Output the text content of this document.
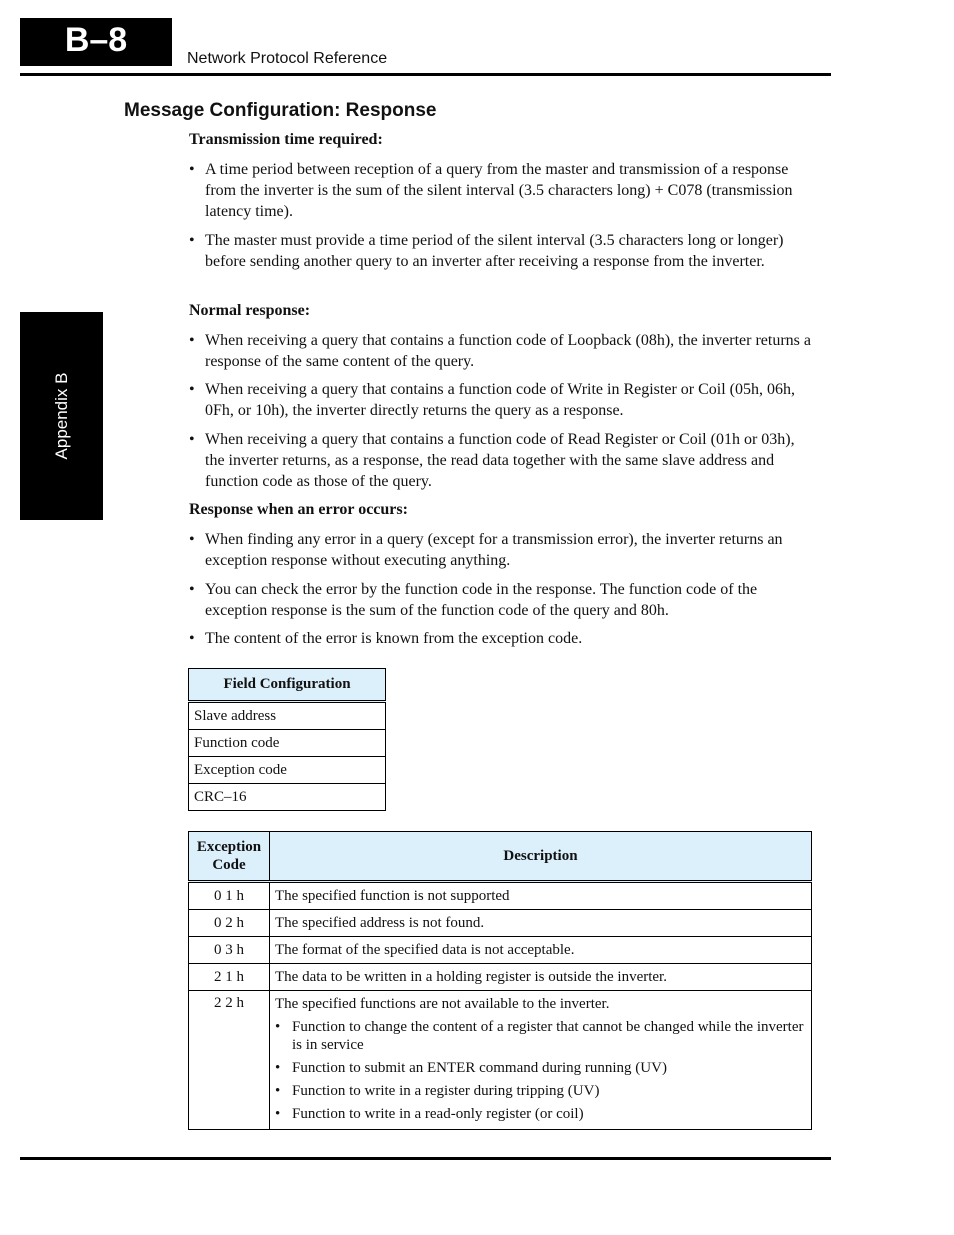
B–8	Network Protocol Reference
Message Configuration: Response
Appendix B
Transmission time required:
• A time period between reception of a query from the master and transmission of a response from the inverter is the sum of the silent interval (3.5 characters long) + C078 (transmission latency time).
• The master must provide a time period of the silent interval (3.5 characters long or longer) before sending another query to an inverter after receiving a response from the inverter.
Normal response:
• When receiving a query that contains a function code of Loopback (08h), the inverter returns a response of the same content of the query.
• When receiving a query that contains a function code of Write in Register or Coil (05h, 06h, 0Fh, or 10h), the inverter directly returns the query as a response.
• When receiving a query that contains a function code of Read Register or Coil (01h or 03h), the inverter returns, as a response, the read data together with the same slave address and function code as those of the query.
Response when an error occurs:
• When finding any error in a query (except for a transmission error), the inverter returns an exception response without executing anything.
• You can check the error by the function code in the response. The function code of the exception response is the sum of the function code of the query and 80h.
• The content of the error is known from the exception code.
Field Configuration
Slave address
Function code
Exception code
CRC–16
Exception Code	Description
0 1 h	The specified function is not supported
0 2 h	The specified address is not found.
0 3 h	The format of the specified data is not acceptable.
2 1 h	The data to be written in a holding register is outside the inverter.
2 2 h	The specified functions are not available to the inverter.
• Function to change the content of a register that cannot be changed while the inverter is in service
• Function to submit an ENTER command during running (UV)
• Function to write in a register during tripping (UV)
• Function to write in a read-only register (or coil)
